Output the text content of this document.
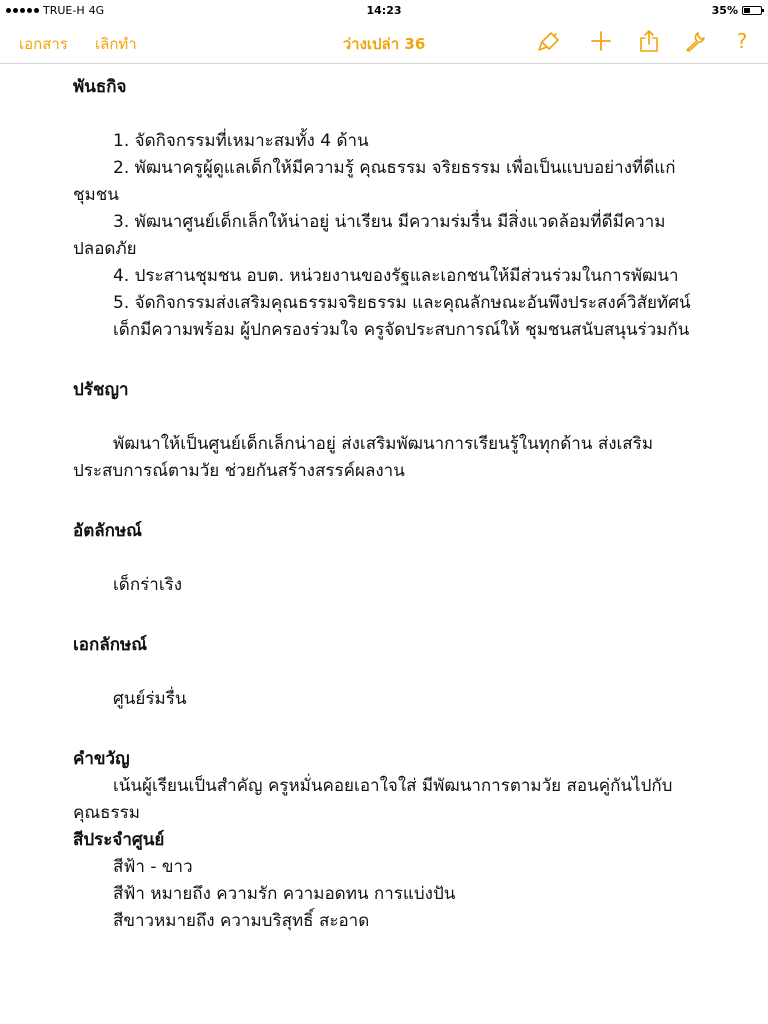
TRUE-H 4G	14:23	35%
เอกสาร เลิกทำ	ว่างเปล่า 36	?
พันธกิจ
1. จัดกิจกรรมที่เหมาะสมทั้ง 4 ด้าน
2. พัฒนาครูผู้ดูแลเด็กให้มีความรู้ คุณธรรม จริยธรรม เพื่อเป็นแบบอย่างที่ดีแก่ชุมชน
3. พัฒนาศูนย์เด็กเล็กให้น่าอยู่ น่าเรียน มีความร่มรื่น มีสิ่งแวดล้อมที่ดีมีความปลอดภัย
4. ประสานชุมชน อบต. หน่วยงานของรัฐและเอกชนให้มีส่วนร่วมในการพัฒนา
5. จัดกิจกรรมส่งเสริมคุณธรรมจริยธรรม และคุณลักษณะอันพึงประสงค์วิสัยทัศน์
เด็กมีความพร้อม ผู้ปกครองร่วมใจ ครูจัดประสบการณ์ให้ ชุมชนสนับสนุนร่วมกัน
ปรัชญา
พัฒนาให้เป็นศูนย์เด็กเล็กน่าอยู่ ส่งเสริมพัฒนาการเรียนรู้ในทุกด้าน ส่งเสริมประสบการณ์ตามวัย ช่วยกันสร้างสรรค์ผลงาน
อัตลักษณ์
เด็กร่าเริง
เอกลักษณ์
ศูนย์ร่มรื่น
คำขวัญ
เน้นผู้เรียนเป็นสำคัญ ครูหมั่นคอยเอาใจใส่ มีพัฒนาการตามวัย สอนคู่กันไปกับคุณธรรม
สีประจำศูนย์
สีฟ้า - ขาว
สีฟ้า หมายถึง ความรัก ความอดทน การแบ่งปัน
สีขาวหมายถึง ความบริสุทธิ์ สะอาด
